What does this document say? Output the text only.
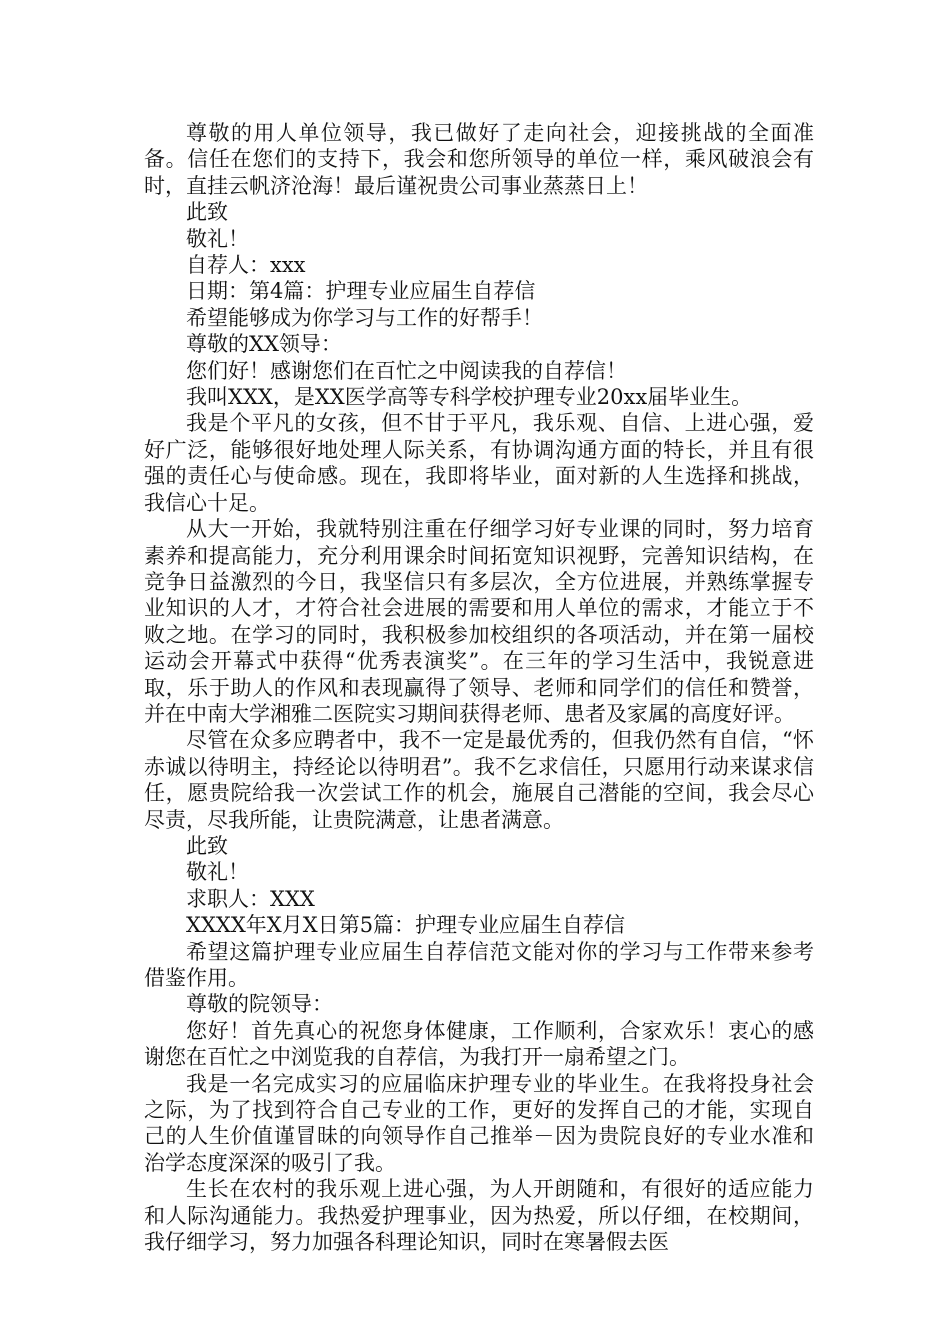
尊敬的用人单位领导，我已做好了走向社会，迎接挑战的全面准备。信任在您们的支持下，我会和您所领导的单位一样，乘风破浪会有时，直挂云帆济沧海！最后谨祝贵公司事业蒸蒸日上！

此致

敬礼！

自荐人：xxx

日期：第4篇：护理专业应届生自荐信

希望能够成为你学习与工作的好帮手！

尊敬的XX领导：

您们好！感谢您们在百忙之中阅读我的自荐信！

我叫XXX，是XX医学高等专科学校护理专业20xx届毕业生。

我是个平凡的女孩，但不甘于平凡，我乐观、自信、上进心强，爱好广泛，能够很好地处理人际关系，有协调沟通方面的特长，并且有很强的责任心与使命感。现在，我即将毕业，面对新的人生选择和挑战，我信心十足。

从大一开始，我就特别注重在仔细学习好专业课的同时，努力培育素养和提高能力，充分利用课余时间拓宽知识视野，完善知识结构，在竞争日益激烈的今日，我坚信只有多层次，全方位进展，并熟练掌握专业知识的人才，才符合社会进展的需要和用人单位的需求，才能立于不败之地。在学习的同时，我积极参加校组织的各项活动，并在第一届校运动会开幕式中获得“优秀表演奖”。在三年的学习生活中，我锐意进取，乐于助人的作风和表现赢得了领导、老师和同学们的信任和赞誉，并在中南大学湘雅二医院实习期间获得老师、患者及家属的高度好评。

尽管在众多应聘者中，我不一定是最优秀的，但我仍然有自信，“怀赤诚以待明主，持经论以待明君”。我不乞求信任，只愿用行动来谋求信任，愿贵院给我一次尝试工作的机会，施展自己潜能的空间，我会尽心尽责，尽我所能，让贵院满意，让患者满意。

此致

敬礼！

求职人：XXX

XXXX年X月X日第5篇：护理专业应届生自荐信

希望这篇护理专业应届生自荐信范文能对你的学习与工作带来参考借鉴作用。

尊敬的院领导：

您好！首先真心的祝您身体健康，工作顺利，合家欢乐！衷心的感谢您在百忙之中浏览我的自荐信，为我打开一扇希望之门。

我是一名完成实习的应届临床护理专业的毕业生。在我将投身社会之际，为了找到符合自己专业的工作，更好的发挥自己的才能，实现自己的人生价值谨冒昧的向领导作自己推举－因为贵院良好的专业水准和治学态度深深的吸引了我。

生长在农村的我乐观上进心强，为人开朗随和，有很好的适应能力和人际沟通能力。我热爱护理事业，因为热爱，所以仔细，在校期间，我仔细学习，努力加强各科理论知识，同时在寒暑假去医
